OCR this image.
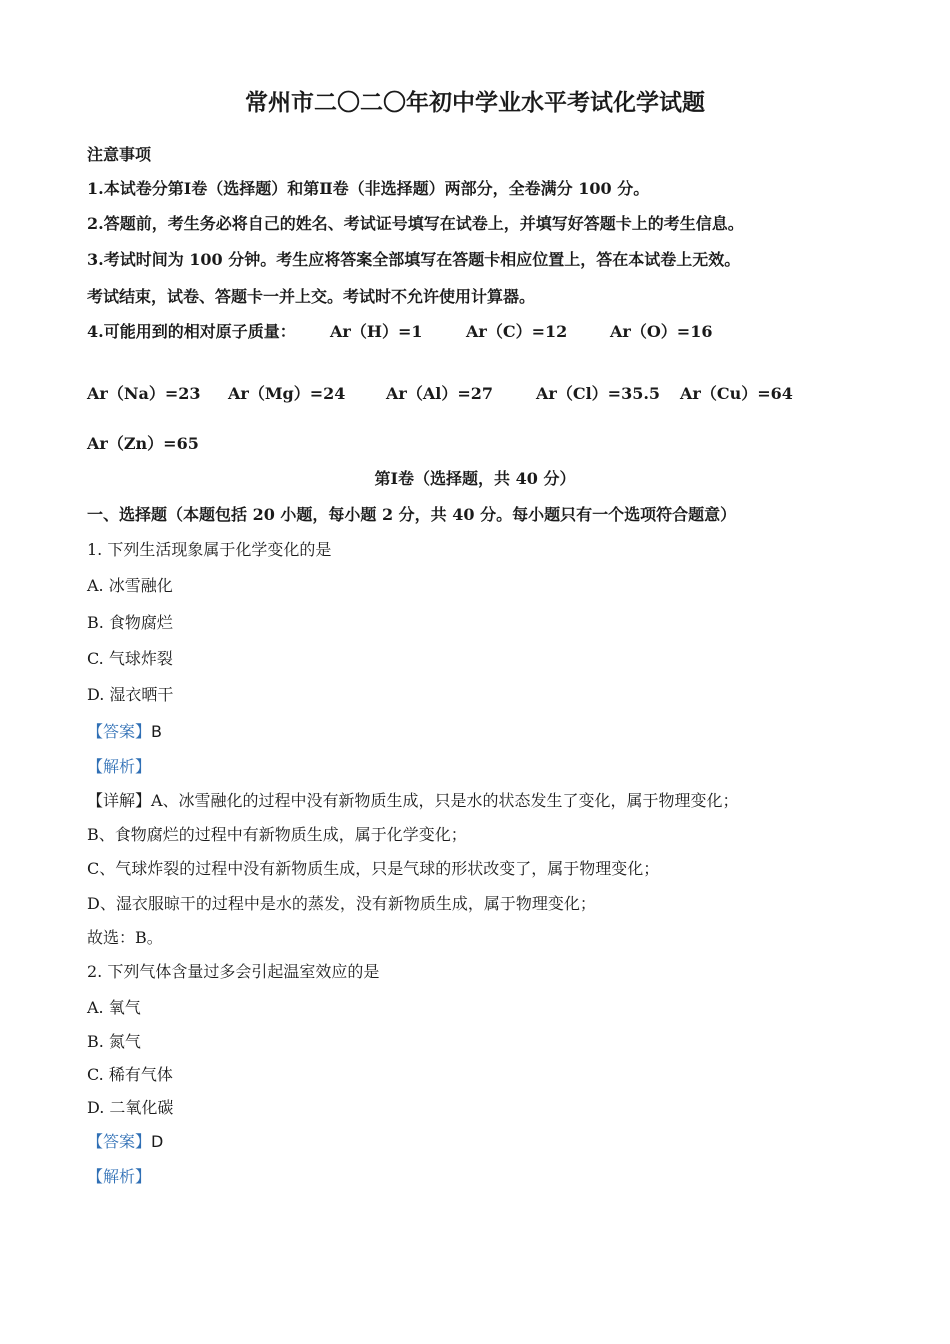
常州市二〇二〇年初中学业水平考试化学试题
注意事项
1.本试卷分第Ⅰ卷（选择题）和第Ⅱ卷（非选择题）两部分，全卷满分 100 分。
2.答题前，考生务必将自己的姓名、考试证号填写在试卷上，并填写好答题卡上的考生信息。
3.考试时间为 100 分钟。考生应将答案全部填写在答题卡相应位置上，答在本试卷上无效。
考试结束，试卷、答题卡一并上交。考试时不允许使用计算器。
4.可能用到的相对原子质量： Ar（H）=1	Ar（C）=12	Ar（O）=16
Ar（Na）=23 Ar（Mg）=24	Ar（Al）=27	Ar（Cl）=35.5 Ar（Cu）=64
Ar（Zn）=65
第Ⅰ卷（选择题，共 40 分）
一、选择题（本题包括 20 小题，每小题 2 分，共 40 分。每小题只有一个选项符合题意）
1. 下列生活现象属于化学变化的是
A. 冰雪融化
B. 食物腐烂
C. 气球炸裂
D. 湿衣晒干
【答案】B
【解析】
【详解】A、冰雪融化的过程中没有新物质生成，只是水的状态发生了变化，属于物理变化；
B、食物腐烂的过程中有新物质生成，属于化学变化；
C、气球炸裂的过程中没有新物质生成，只是气球的形状改变了，属于物理变化；
D、湿衣服晾干的过程中是水的蒸发，没有新物质生成，属于物理变化；
故选：B。
2. 下列气体含量过多会引起温室效应的是
A. 氧气
B. 氮气
C. 稀有气体
D. 二氧化碳
【答案】D
【解析】
